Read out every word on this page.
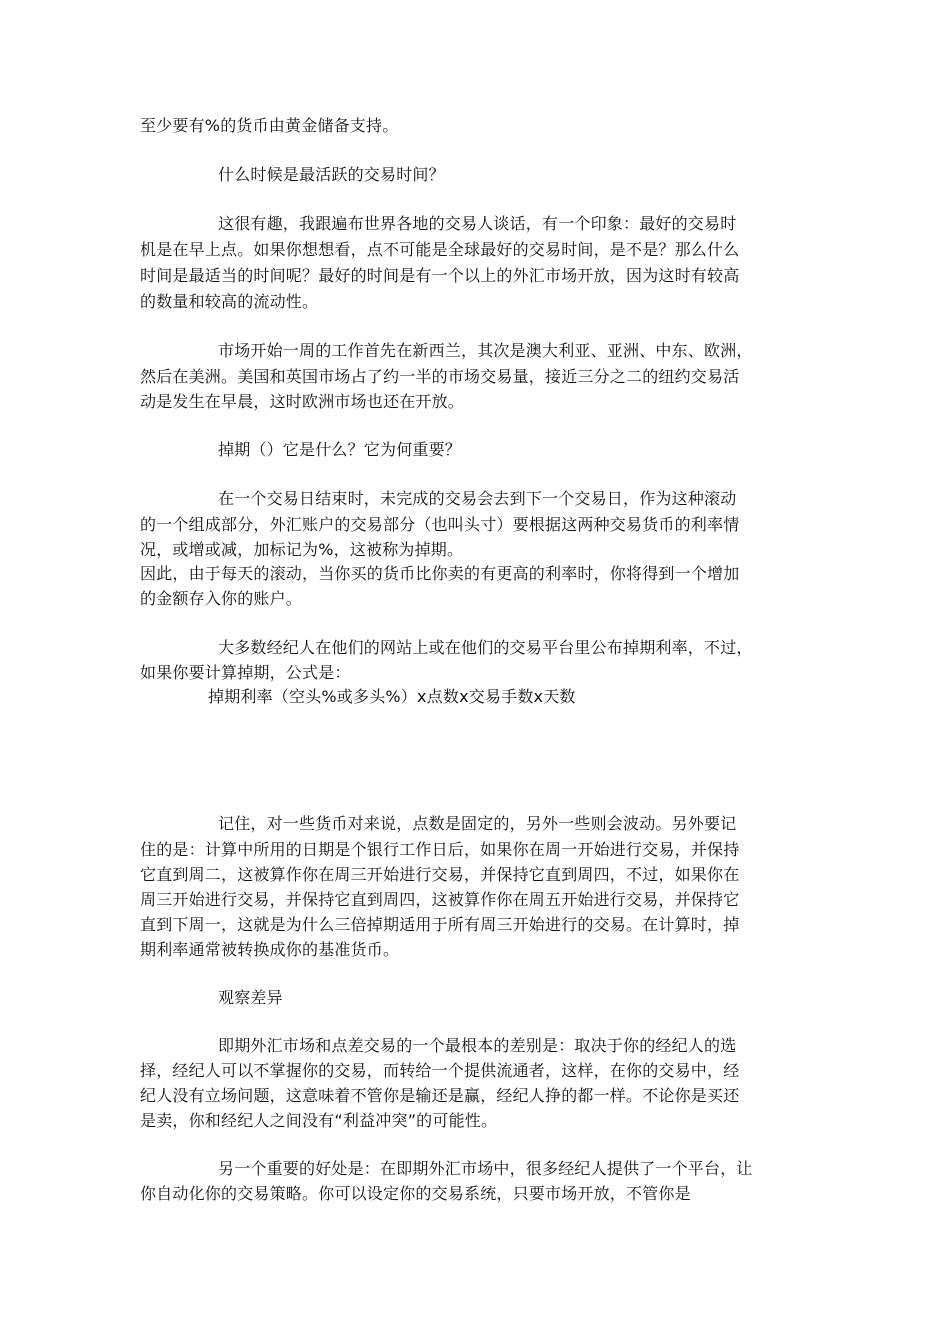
至少要有%的货币由黄金储备支持。
什么时候是最活跃的交易时间？
这很有趣，我跟遍布世界各地的交易人谈话，有一个印象：最好的交易时
机是在早上点。如果你想想看，点不可能是全球最好的交易时间，是不是？那么什么
时间是最适当的时间呢？最好的时间是有一个以上的外汇市场开放，因为这时有较高
的数量和较高的流动性。
市场开始一周的工作首先在新西兰，其次是澳大利亚、亚洲、中东、欧洲，
然后在美洲。美国和英国市场占了约一半的市场交易量，接近三分之二的纽约交易活
动是发生在早晨，这时欧洲市场也还在开放。
掉期（）它是什么？它为何重要？
在一个交易日结束时，未完成的交易会去到下一个交易日，作为这种滚动
的一个组成部分，外汇账户的交易部分（也叫头寸）要根据这两种交易货币的利率情
况，或增或减，加标记为%，这被称为掉期。
因此，由于每天的滚动，当你买的货币比你卖的有更高的利率时，你将得到一个增加
的金额存入你的账户。
大多数经纪人在他们的网站上或在他们的交易平台里公布掉期利率，不过，
如果你要计算掉期，公式是：
掉期利率（空头%或多头%）x点数x交易手数x天数
记住，对一些货币对来说，点数是固定的，另外一些则会波动。另外要记
住的是：计算中所用的日期是个银行工作日后，如果你在周一开始进行交易，并保持
它直到周二，这被算作你在周三开始进行交易，并保持它直到周四，不过，如果你在
周三开始进行交易，并保持它直到周四，这被算作你在周五开始进行交易，并保持它
直到下周一，这就是为什么三倍掉期适用于所有周三开始进行的交易。在计算时，掉
期利率通常被转换成你的基准货币。
观察差异
即期外汇市场和点差交易的一个最根本的差别是：取决于你的经纪人的选
择，经纪人可以不掌握你的交易，而转给一个提供流通者，这样，在你的交易中，经
纪人没有立场问题，这意味着不管你是输还是赢，经纪人挣的都一样。不论你是买还
是卖，你和经纪人之间没有“利益冲突”的可能性。
另一个重要的好处是：在即期外汇市场中，很多经纪人提供了一个平台，让
你自动化你的交易策略。你可以设定你的交易系统，只要市场开放，不管你是
